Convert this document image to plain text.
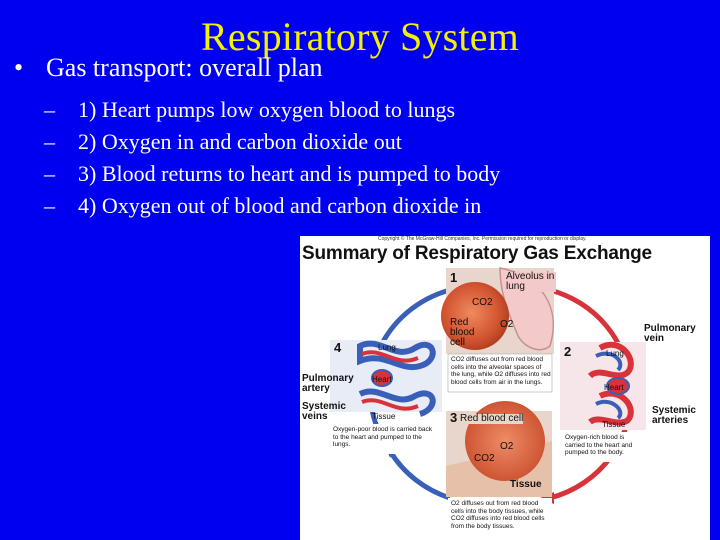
Respiratory System
• Gas transport: overall plan
– 1) Heart pumps low oxygen blood to lungs
– 2) Oxygen in and carbon dioxide out
– 3) Blood returns to heart and is pumped to body
– 4) Oxygen out of blood and carbon dioxide in
Copyright © The McGraw-Hill Companies, Inc. Permission required for reproduction or display.
Summary of Respiratory Gas Exchange
1
2
3
4
Alveolus in lung
CO2
O2
Red blood cell
Lung
Heart
Tissue
Lung
Heart
Tissue
Red blood cell
O2
CO2
Tissue
Pulmonary vein
Pulmonary artery
Systemic veins
Systemic arteries
CO2 diffuses out from red blood cells into the alveolar spaces of the lung, while O2 diffuses into red blood cells from air in the lungs.
Oxygen-poor blood is carried back to the heart and pumped to the lungs.
Oxygen-rich blood is carried to the heart and pumped to the body.
O2 diffuses out from red blood cells into the body tissues, while CO2 diffuses into red blood cells from the body tissues.
